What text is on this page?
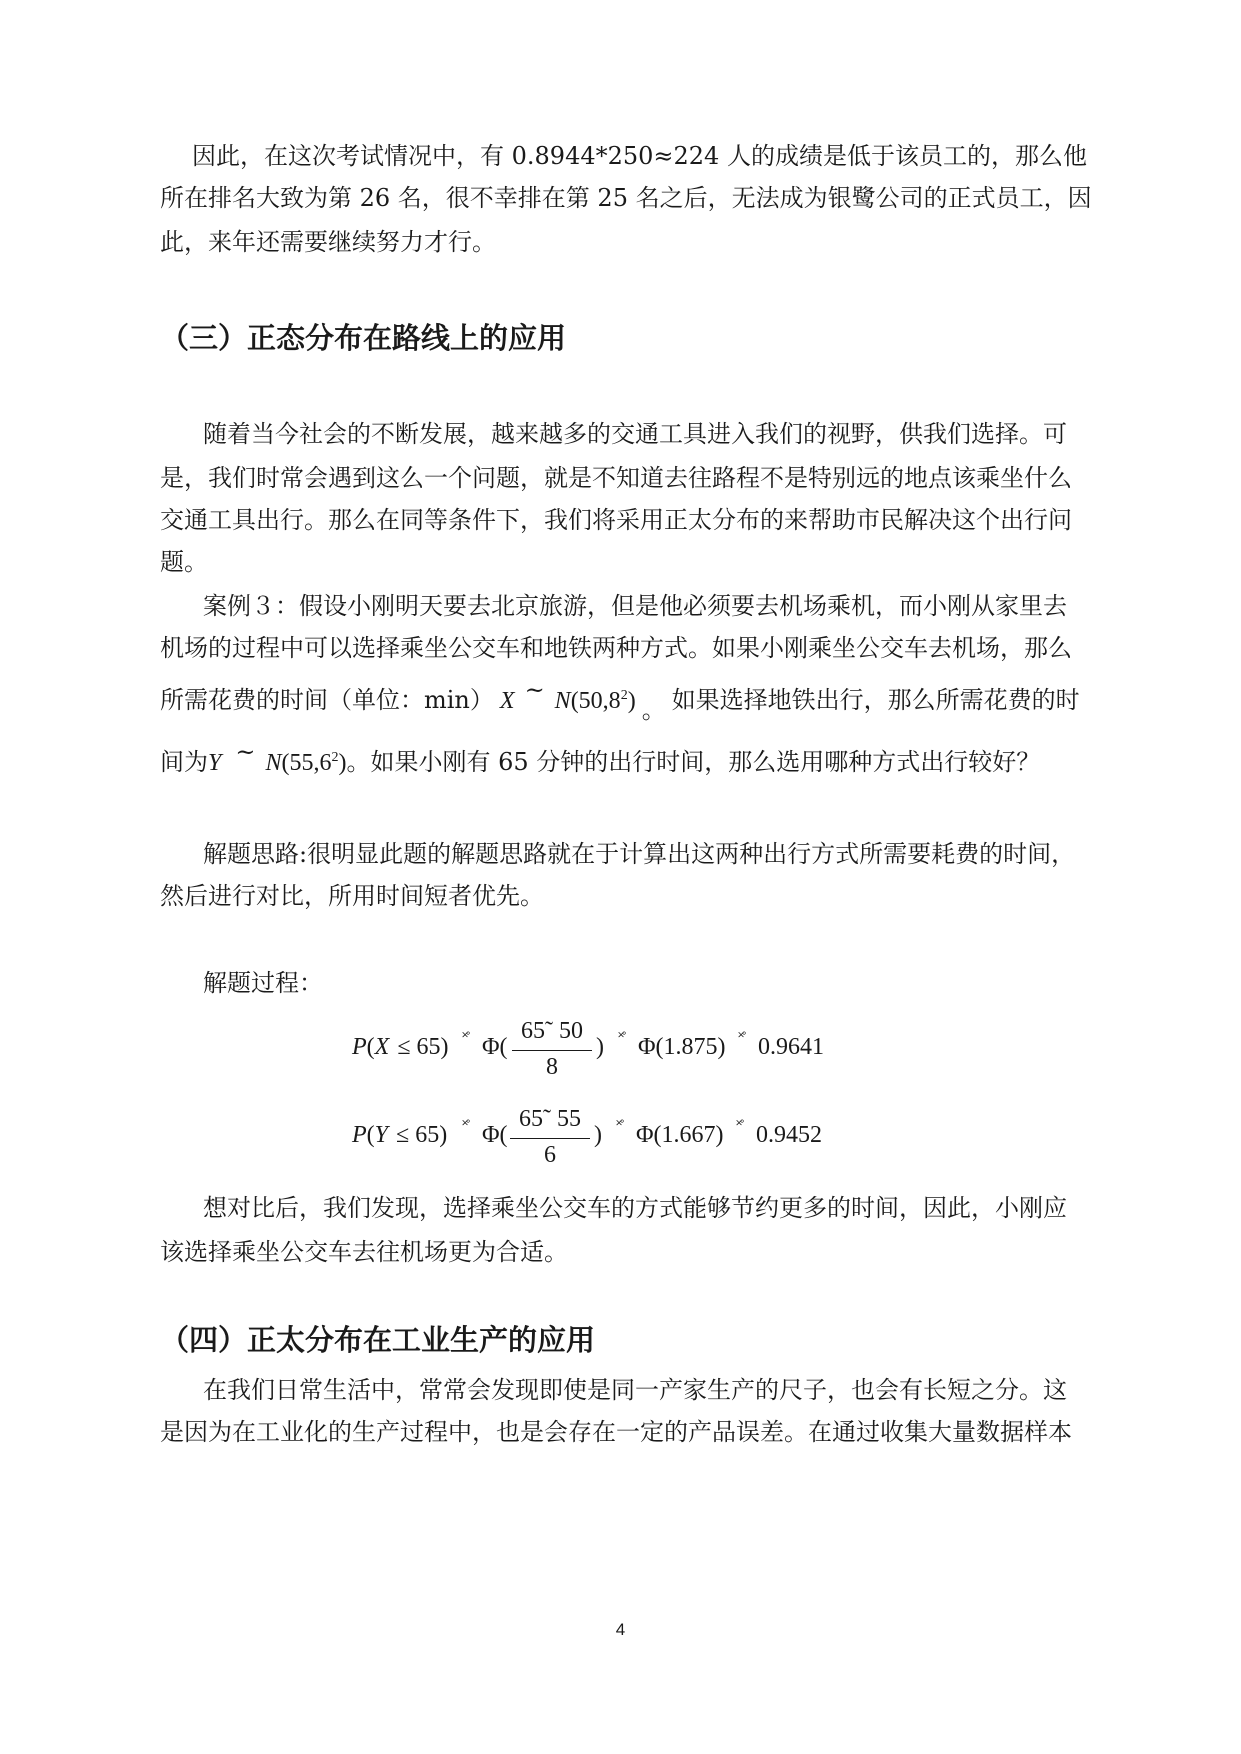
因此，在这次考试情况中，有 0.8944*250≈224 人的成绩是低于该员工的，那么他
所在排名大致为第 26 名，很不幸排在第 25 名之后，无法成为银鹭公司的正式员工，因
此，来年还需要继续努力才行。
（三）正态分布在路线上的应用
随着当今社会的不断发展，越来越多的交通工具进入我们的视野，供我们选择。可
是，我们时常会遇到这么一个问题，就是不知道去往路程不是特别远的地点该乘坐什么
交通工具出行。那么在同等条件下，我们将采用正太分布的来帮助市民解决这个出行问
题。
案例３：假设小刚明天要去北京旅游，但是他必须要去机场乘机，而小刚从家里去
机场的过程中可以选择乘坐公交车和地铁两种方式。如果小刚乘坐公交车去机场，那么
所需花费的时间（单位：min） X ~ N(50,8$^2$) 。 如果选择地铁出行，那么所需花费的时
间为Y ~ N(55,6$^2$)。如果小刚有 65 分钟的出行时间，那么选用哪种方式出行较好？
解题思路:很明显此题的解题思路就在于计算出这两种出行方式所需要耗费的时间，
然后进行对比，所用时间短者优先。
解题过程：
P(X ≤ 65) ˟̊ Φ(
65˜ 50
8
) ˟̊ Φ(1.875) ˟̊ 0.9641
P(Y ≤ 65) ˟̊ Φ(
65˜ 55
6
) ˟̊ Φ(1.667) ˟̊ 0.9452
想对比后，我们发现，选择乘坐公交车的方式能够节约更多的时间，因此，小刚应
该选择乘坐公交车去往机场更为合适。
（四）正太分布在工业生产的应用
在我们日常生活中，常常会发现即使是同一产家生产的尺子，也会有长短之分。这
是因为在工业化的生产过程中，也是会存在一定的产品误差。在通过收集大量数据样本
4
